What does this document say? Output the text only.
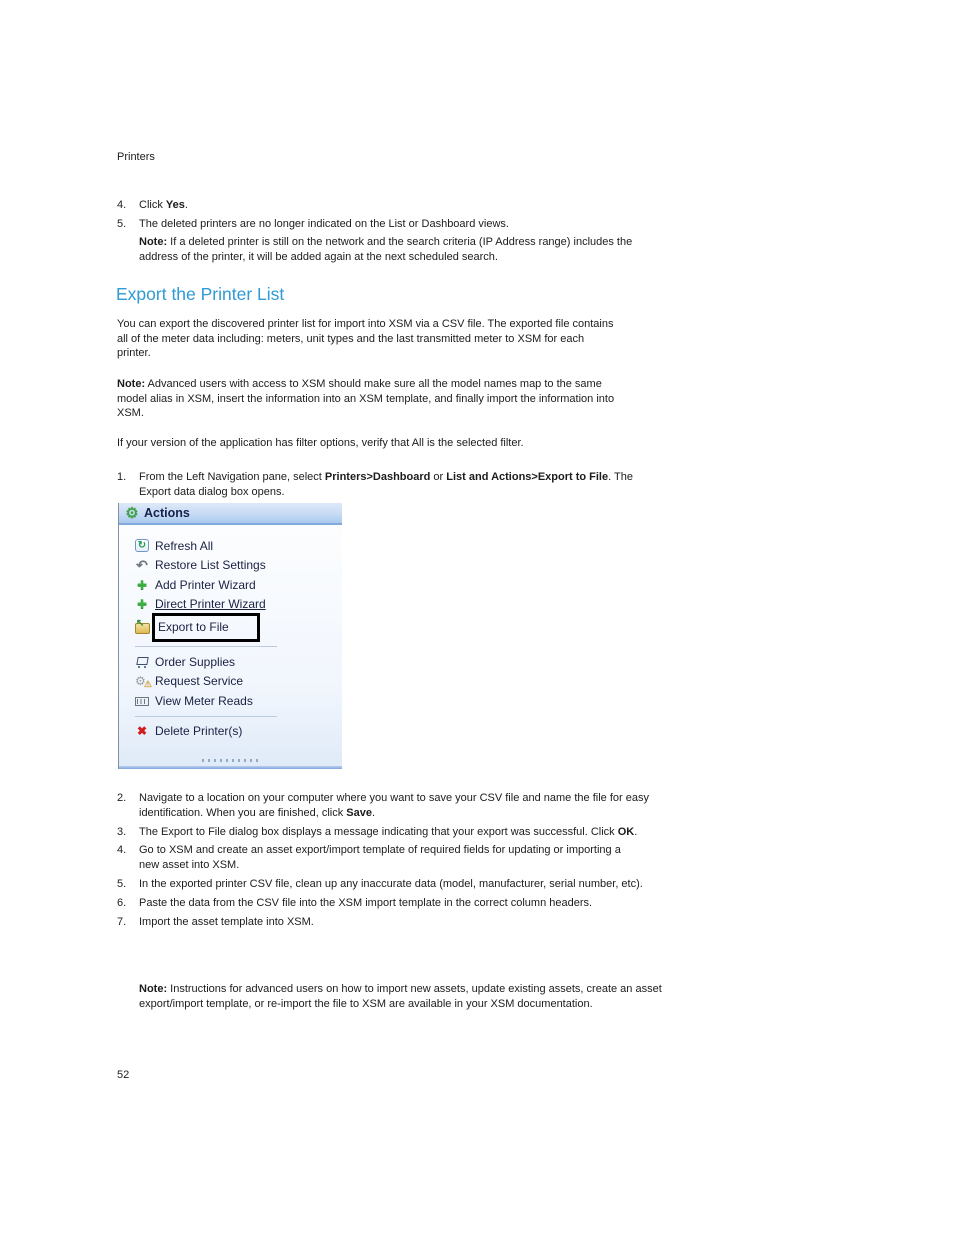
Printers
4.	Click Yes.
5.	The deleted printers are no longer indicated on the List or Dashboard views.
Note: If a deleted printer is still on the network and the search criteria (IP Address range) includes the address of the printer, it will be added again at the next scheduled search.
Export the Printer List
You can export the discovered printer list for import into XSM via a CSV file. The exported file contains all of the meter data including: meters, unit types and the last transmitted meter to XSM for each printer.
Note: Advanced users with access to XSM should make sure all the model names map to the same model alias in XSM, insert the information into an XSM template, and finally import the information into XSM.
If your version of the application has filter options, verify that All is the selected filter.
1.	From the Left Navigation pane, select Printers>Dashboard or List and Actions>Export to File. The Export data dialog box opens.
⚙
Actions
↻
Refresh All
↶
Restore List Settings
✚
Add Printer Wizard
✚
Direct Printer Wizard
↖
Export to File
Order Supplies
⚙ ⚠
Request Service
View Meter Reads
✖
Delete Printer(s)
2.	Navigate to a location on your computer where you want to save your CSV file and name the file for easy identification. When you are finished, click Save.
3.	The Export to File dialog box displays a message indicating that your export was successful. Click OK.
4.	Go to XSM and create an asset export/import template of required fields for updating or importing a new asset into XSM.
5.	In the exported printer CSV file, clean up any inaccurate data (model, manufacturer, serial number, etc).
6.	Paste the data from the CSV file into the XSM import template in the correct column headers.
7.	Import the asset template into XSM.
Note: Instructions for advanced users on how to import new assets, update existing assets, create an asset export/import template, or re-import the file to XSM are available in your XSM documentation.
52
